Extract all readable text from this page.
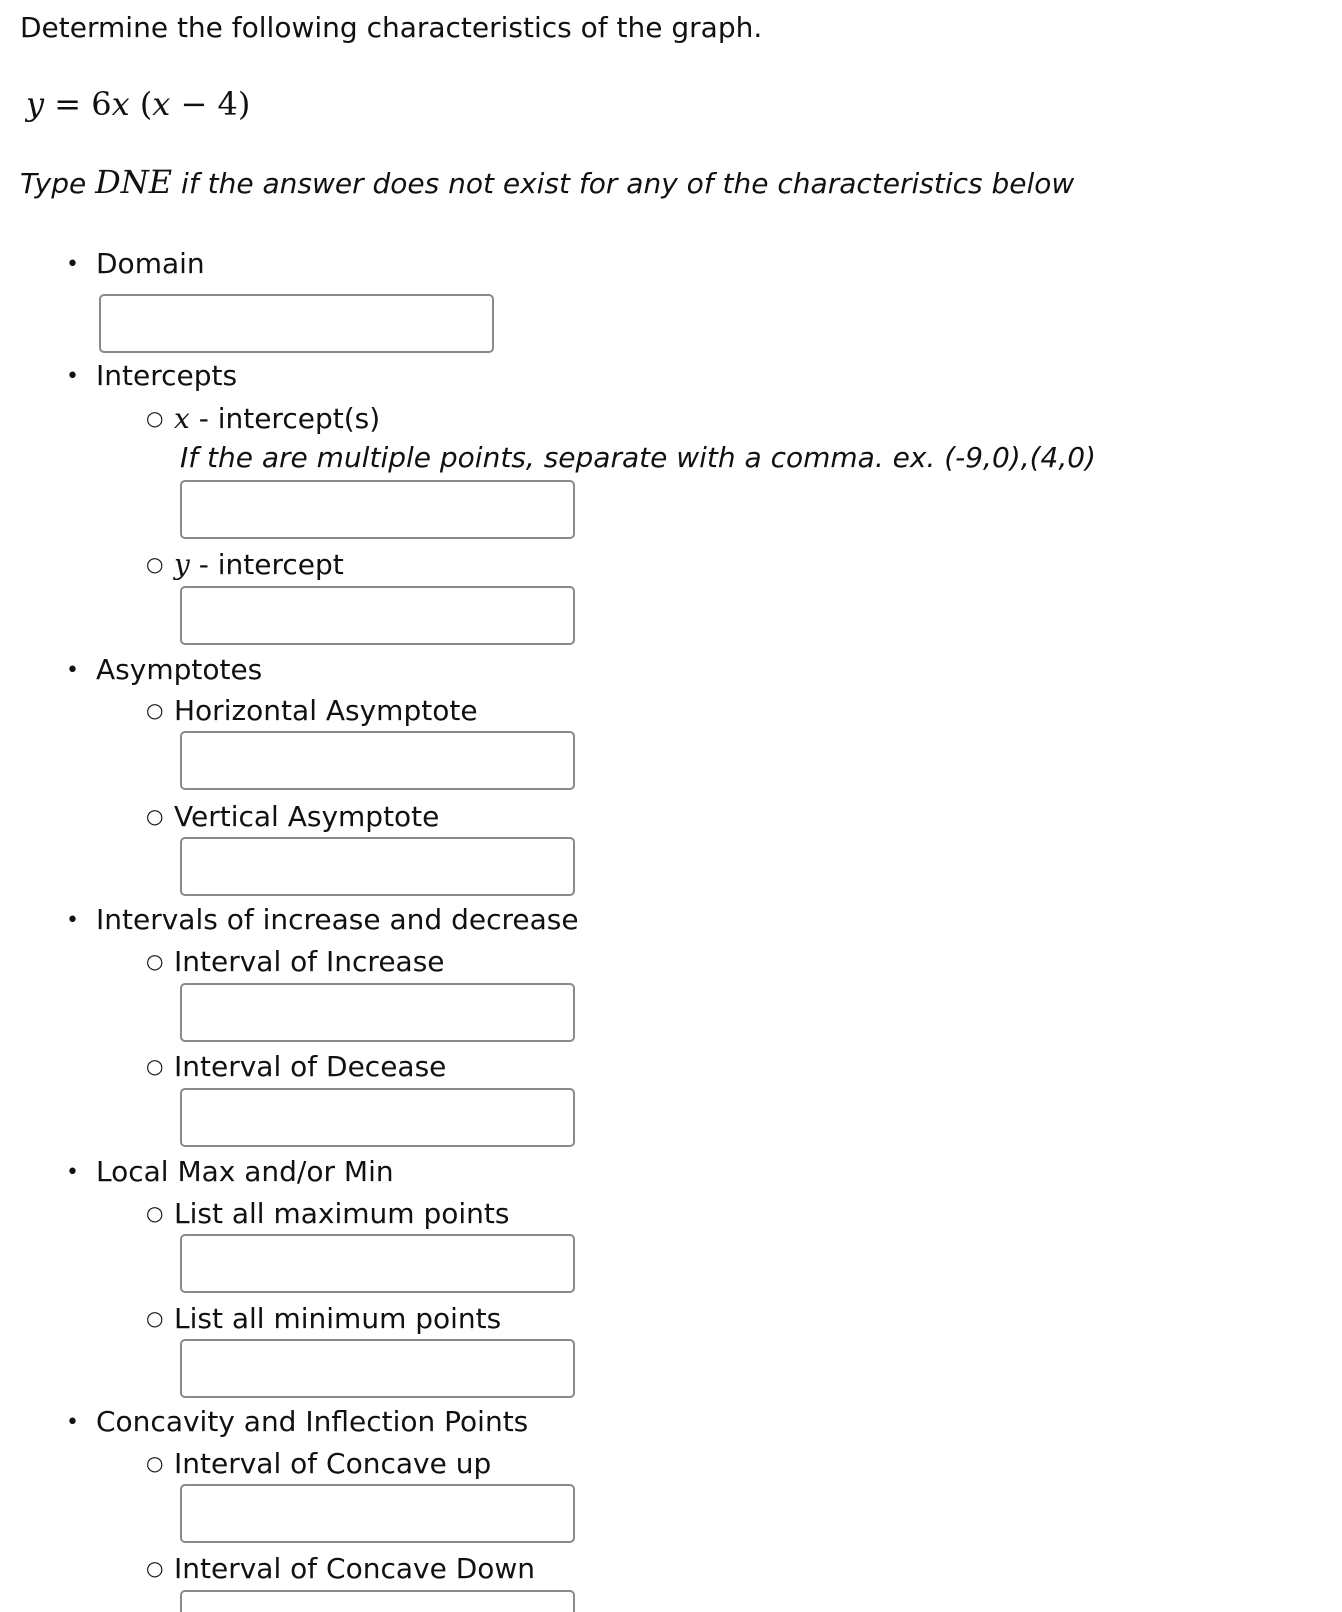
Determine the following characteristics of the graph.
y = 6x (x − 4)
Type DNE if the answer does not exist for any of the characteristics below
• Domain
• Intercepts
○ x - intercept(s)
If the are multiple points, separate with a comma. ex. (-9,0),(4,0)
○ y - intercept
• Asymptotes
○ Horizontal Asymptote
○ Vertical Asymptote
• Intervals of increase and decrease
○ Interval of Increase
○ Interval of Decease
• Local Max and/or Min
○ List all maximum points
○ List all minimum points
• Concavity and Inflection Points
○ Interval of Concave up
○ Interval of Concave Down
